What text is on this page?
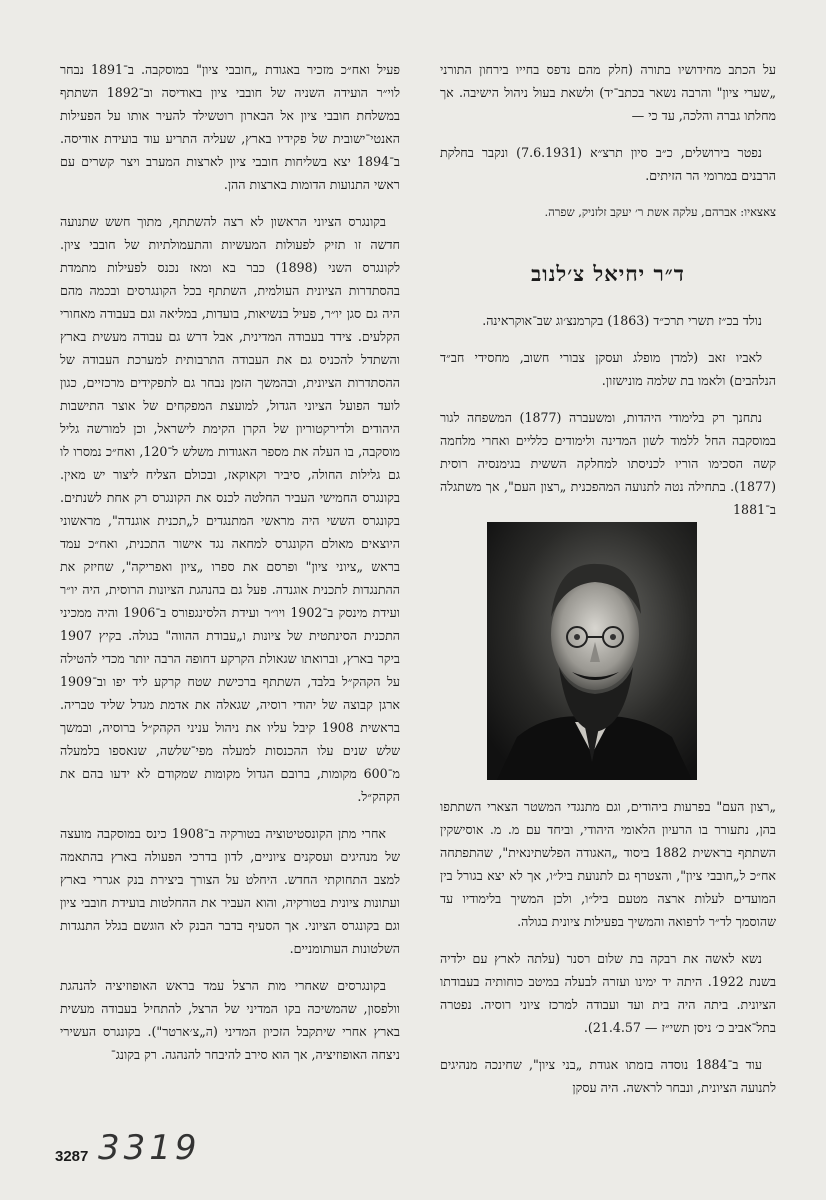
על הכתב מחידושיו בתורה (חלק מהם נדפס בחייו בירחון התורני „שערי ציון" והרבה נשאר בכתב־יד) ולשאת בעול ניהול הישיבה. אך מחלתו גברה והלכה, עד כי —

נפטר בירושלים, כ״ב סיון תרצ״א (7.6.1931) ונקבר בחלקת הרבנים במרומי הר הזיתים.

צאצאיו: אברהם, עלקה אשת ר׳ יעקב זלזניק, שפרה.

ד״ר יחיאל צ׳לנוב

נולד בכ״ז תשרי תרכ״ד (1863) בקרמנצ׳וג שב־אוקראינה.

לאביו זאב (למדן מופלג ועסקן צבורי חשוב, מחסידי חב״ד הנלהבים) ולאמו בת שלמה מונישזון.

נתחנך רק בלימודי היהדות, ומשעברה (1877) המשפחה לגור במוסקבה החל ללמוד לשון המדינה ולימודים כלליים ואחרי מלחמה קשה הסכימו הוריו לכניסתו למחלקה הששית בגימנסיה רוסית (1877). בתחילה נטה לתנועה המהפכנית „רצון העם", אך משתגלה ב־1881

„רצון העם" בפרעות ביהודים, וגם מתנגדי המשטר הצארי השתתפו בהן, נתעורר בו הרעיון הלאומי היהודי, וביחד עם מ. מ. אוסישקין השתתף בראשית 1882 ביסוד „האגודה הפלשתינאית", שהתפתחה אח״כ ל„חובבי ציון", והצטרף גם לתנועת ביל״ו, אך לא יצא בגורל בין המועדים לעלות ארצה מטעם ביל״ו, ולכן המשיך בלימודיו עד שהוסמך לד״ר לרפואה והמשיך בפעילות ציונית בגולה.

נשא לאשה את רבקה בת שלום רסנר (עלתה לארץ עם ילדיה בשנת 1922. היתה יד ימינו ועזרה לבעלה במיטב כוחותיה בעבודתו הציונית. ביתה היה בית ועד ועבודה למרכז ציוני רוסיה. נפטרה בתל־אביב כ׳ ניסן תשי״ז — 21.4.57).

עוד ב־1884 נוסדה בזמתו אגודת „בני ציון", שחינכה מנהיגים לתנועה הציונית, ונבחר לראשה. היה עסקן

פעיל ואח״כ מזכיר באגודת „חובבי ציון" במוסקבה. ב־1891 נבחר לוי״ר הועידה השניה של חובבי ציון באודיסה וב־1892 השתתף במשלחת חובבי ציון אל הבארון רוטשילד להעיר אותו על הפעילות האנטי־ישובית של פקידיו בארץ, שעליה התריע עוד בועידת אודיסה. ב־1894 יצא בשליחות חובבי ציון לארצות המערב ויצר קשרים עם ראשי התנועות הדומות בארצות ההן.

בקונגרס הציוני הראשון לא רצה להשתתף, מתוך חשש שתנועה חדשה זו תזיק לפעולות המעשיות והתעמולתיות של חובבי ציון. לקונגרס השני (1898) כבר בא ומאז נכנס לפעילות מתמדת בהסתדרות הציונית העולמית, השתתף בכל הקונגרסים ובכמה מהם היה גם סגן יו״ר, פעיל בנשיאות, בועדות, במליאה וגם בעבודה מאחורי הקלעים. צידד בעבודה המדינית, אבל דרש גם עבודה מעשית בארץ והשתדל להכניס גם את העבודה התרבותית למערכת העבודה של ההסתדרות הציונית, ובהמשך הזמן נבחר גם לתפקידים מרכזיים, כגון לועד הפועל הציוני הגדול, למועצת המפקחים של אוצר התישבות היהודים ולדירקטוריון של הקרן הקימת לישראל, וכן למורשה גליל מוסקבה, בו העלה את מספר האגודות משלש ל־120, ואח״כ נמסרו לו גם גלילות החולה, סיביר וקאוקאז, ובכולם הצליח ליצור יש מאין. בקונגרס החמישי העביר החלטה לכנס את הקונגרס רק אחת לשנתים. בקונגרס הששי היה מראשי המתנגדים ל„תכנית אוגנדה", מראשוני היוצאים מאולם הקונגרס למחאה נגד אישור התכנית, ואח״כ עמד בראש „ציוני ציון" ופרסם את ספרו „ציון ואפריקה", שחיזק את ההתנגדות לתכנית אוגנדה. פעל גם בהנהגת הציונות הרוסית, היה יו״ר ועידת מינסק ב־1902 ויו״ר ועידת הלסינגפורס ב־1906 והיה ממכיני התכנית הסינתטית של ציונות ו„עבודת ההווה" בגולה. בקיץ 1907 ביקר בארץ, וברואתו שגאולת הקרקע דחופה הרבה יותר מכדי להטילה על הקהק״ל בלבד, השתתף ברכישת שטח קרקע ליד יפו וב־1909 ארגן קבוצה של יהודי רוסיה, שגאלה את אדמת מגדל שליד טבריה. בראשית 1908 קיבל עליו את ניהול עניני הקהק״ל ברוסיה, ובמשך שלש שנים עלו ההכנסות למעלה מפי־שלשה, שנאספו בלמעלה מ־600 מקומות, ברובם הגדול מקומות שמקודם לא ידעו בהם את הקהק״ל.

אחרי מתן הקונסטיטוציה בטורקיה ב־1908 כינס במוסקבה מועצה של מנהיגים ועסקנים ציוניים, לדון בדרכי הפעולה בארץ בהתאמה למצב התחוקתי החדש. היחלט על הצורך ביצירת בנק אגררי בארץ ועתונות ציונית בטורקיה, והוא העביר את ההחלטות בועידת חובבי ציון וגם בקונגרס הציוני. אך הסעיף בדבר הבנק לא הוגשם בגלל התנגדות השלטונות העותומניים.

בקונגרסים שאחרי מות הרצל עמד בראש האופוזיציה להנהגת וולפסון, שהמשיכה בקו המדיני של הרצל, להתחיל בעבודה מעשית בארץ אחרי שיתקבל הזכיון המדיני (ה„צ׳ארטר"). בקונגרס העשירי ניצחה האופוזיציה, אך הוא סירב להיבחר להנהגה. רק בקונג־

3287 3319
